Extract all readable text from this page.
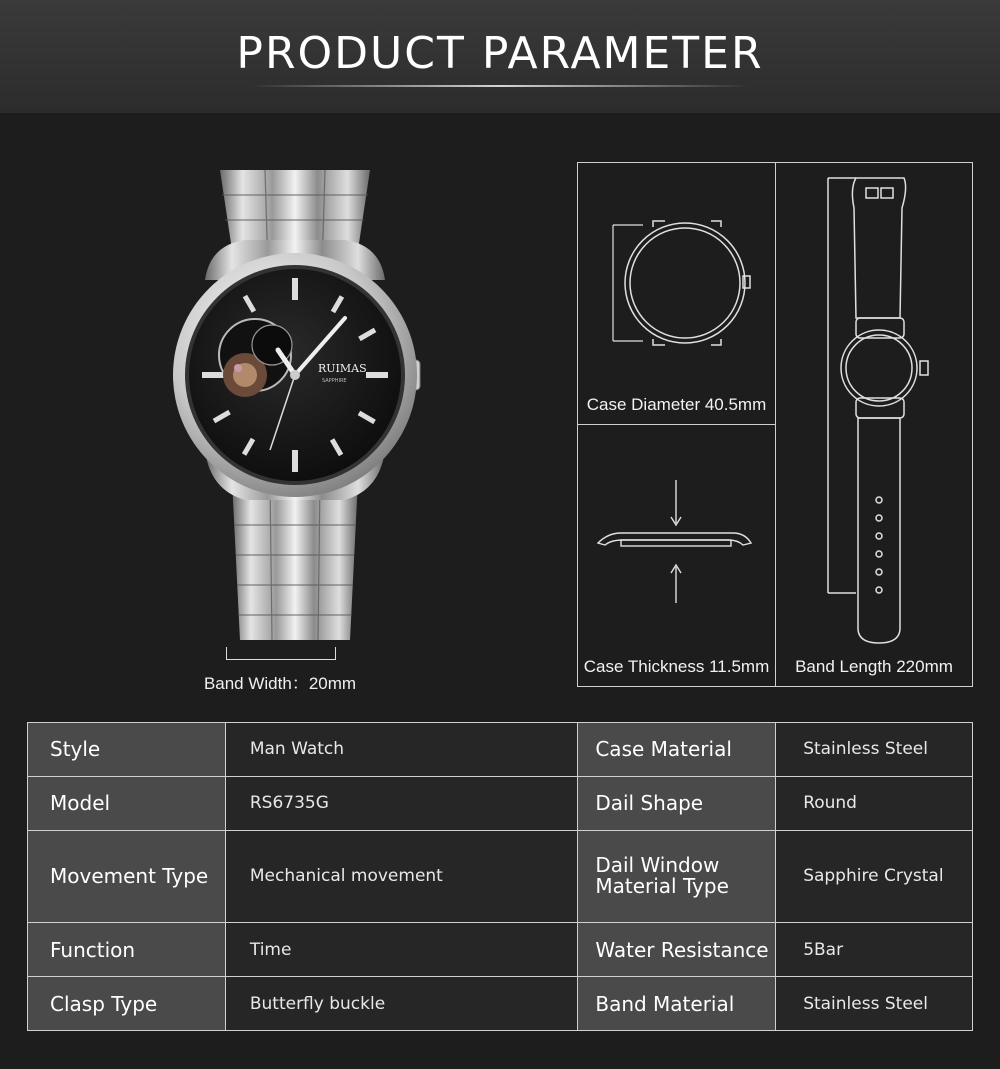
PRODUCT PARAMETER
RUIMAS
SAPPHIRE
Band Width：20mm
Case Diameter 40.5mm
Case Thickness 11.5mm	Band Length 220mm
Style	Man Watch	Case Material	Stainless Steel
Model	RS6735G	Dail Shape	Round
Movement Type	Mechanical movement	Dail Window Material Type	Sapphire Crystal
Function	Time	Water Resistance	5Bar
Clasp Type	Butterfly buckle	Band Material	Stainless Steel
